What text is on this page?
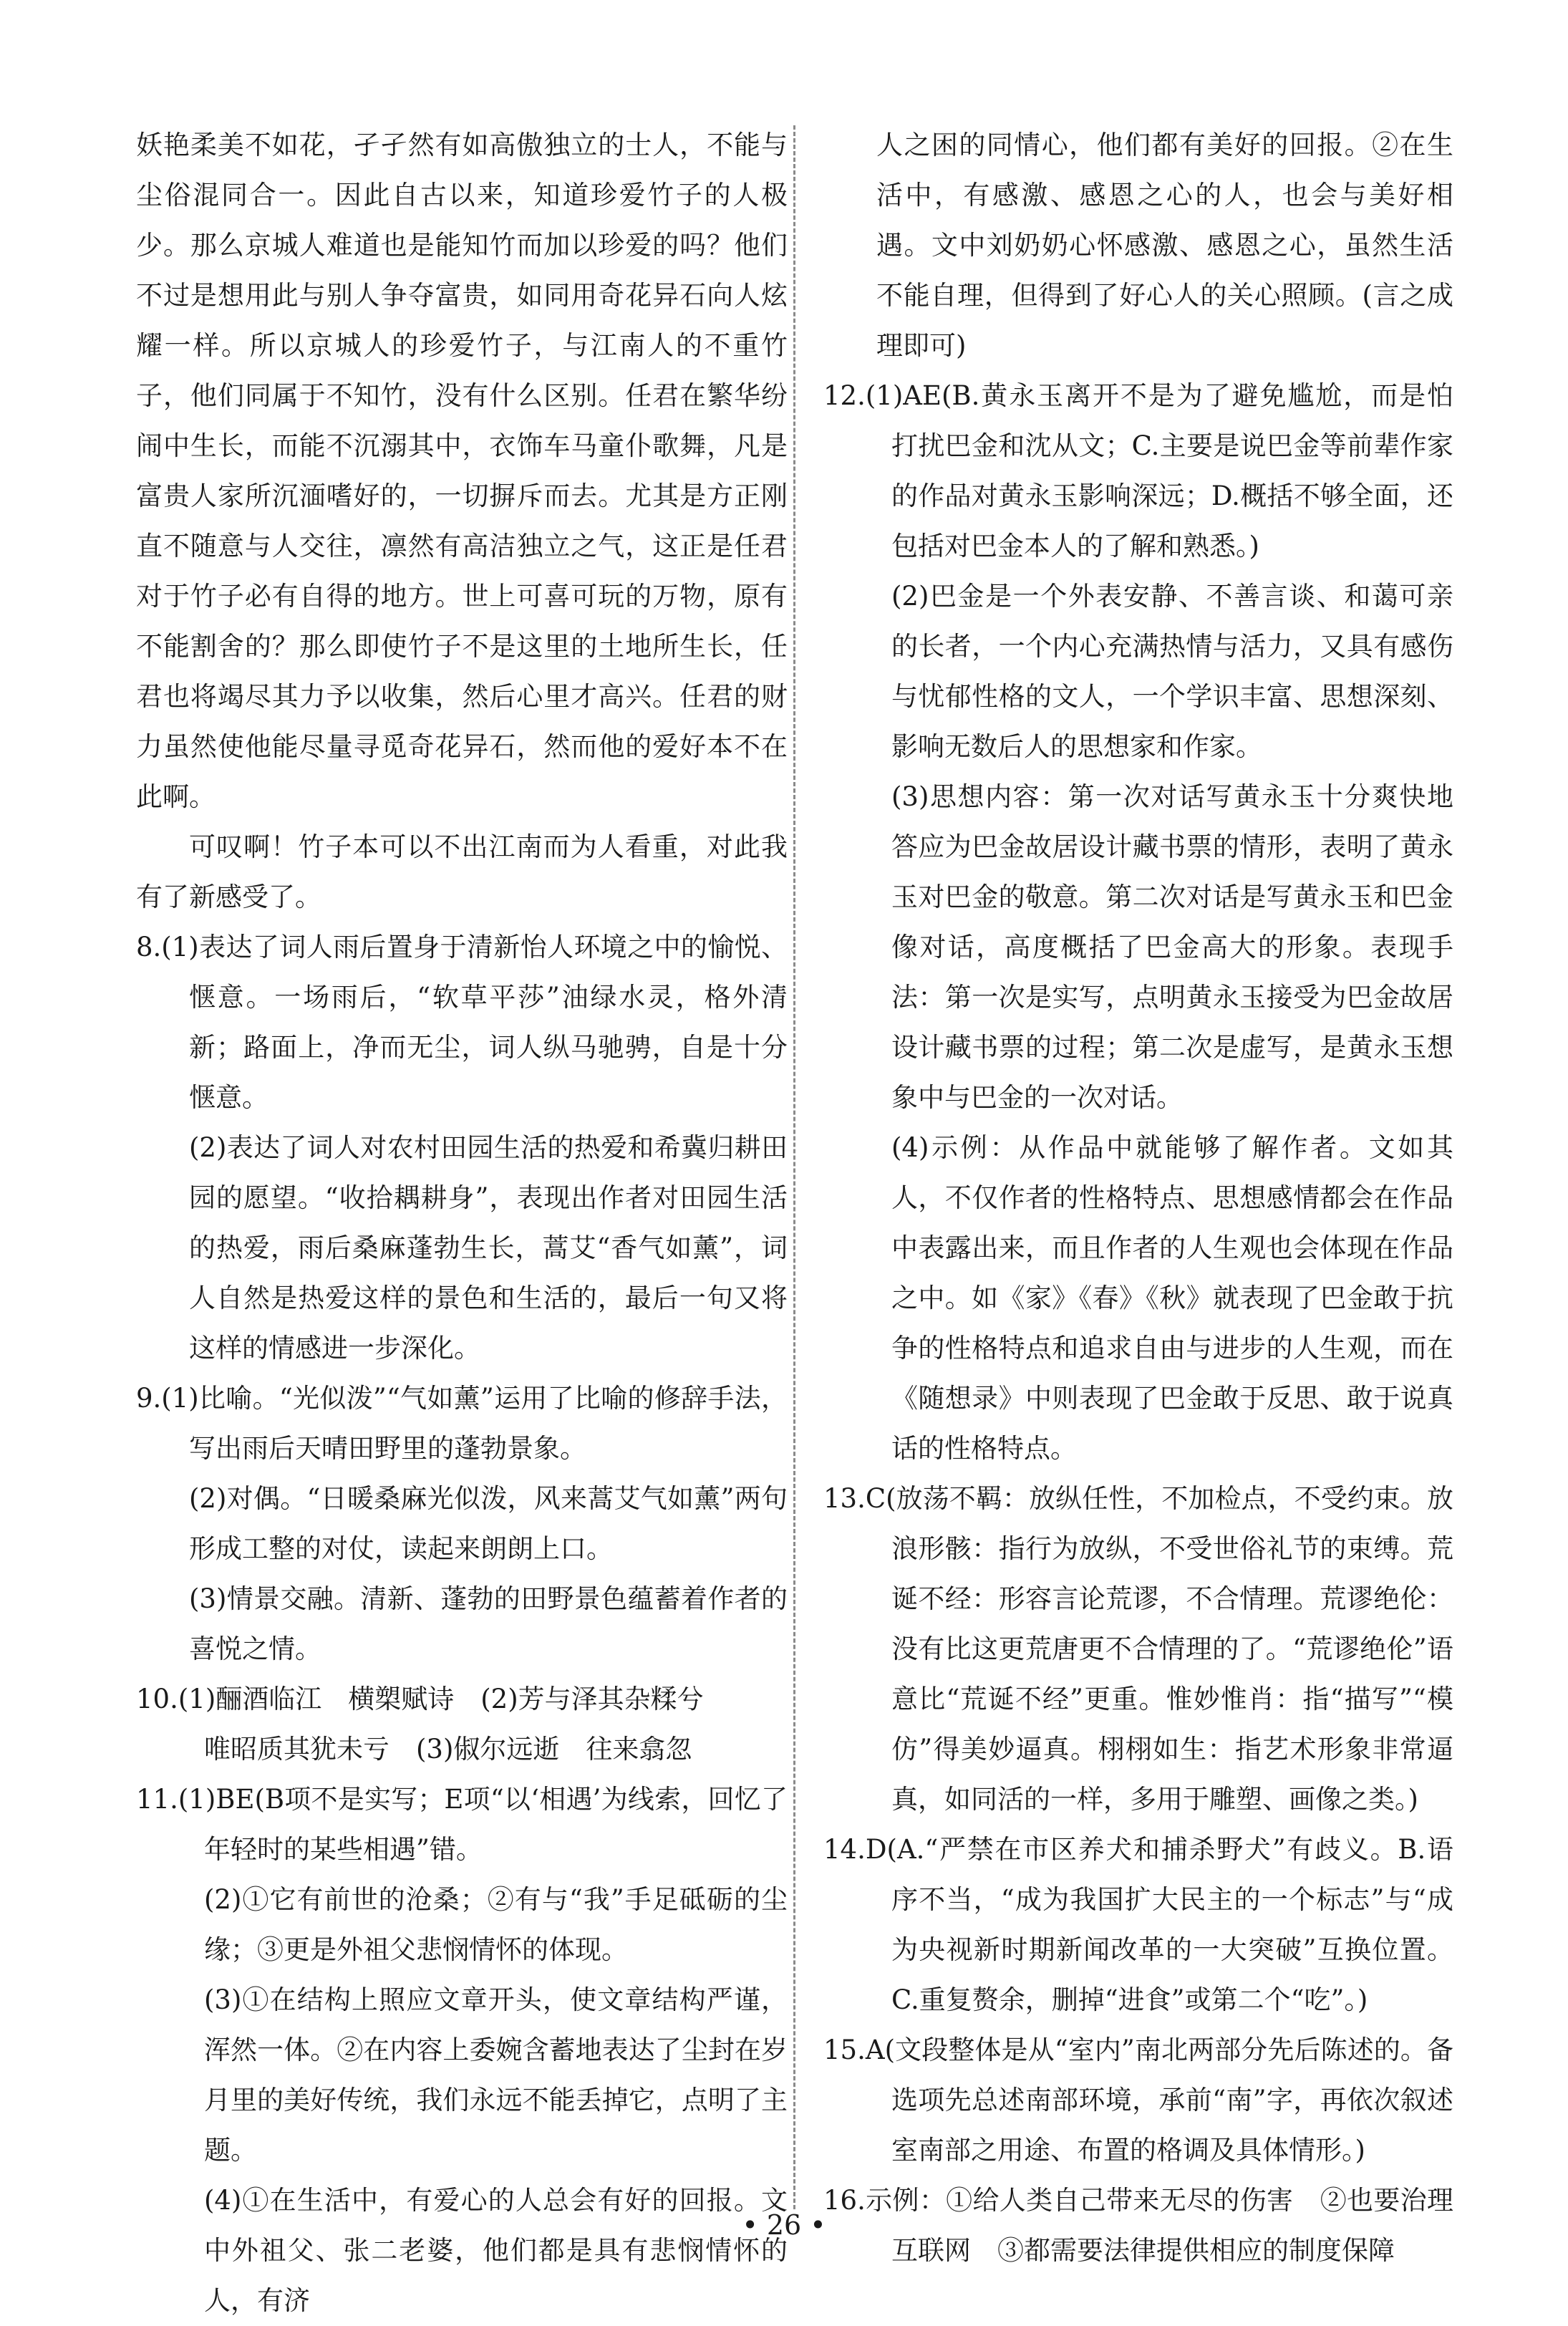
妖艳柔美不如花，孑孑然有如高傲独立的士人，不能与尘俗混同合一。因此自古以来，知道珍爱竹子的人极少。那么京城人难道也是能知竹而加以珍爱的吗？他们不过是想用此与别人争夺富贵，如同用奇花异石向人炫耀一样。所以京城人的珍爱竹子，与江南人的不重竹子，他们同属于不知竹，没有什么区别。任君在繁华纷闹中生长，而能不沉溺其中，衣饰车马童仆歌舞，凡是富贵人家所沉湎嗜好的，一切摒斥而去。尤其是方正刚直不随意与人交往，凛然有高洁独立之气，这正是任君对于竹子必有自得的地方。世上可喜可玩的万物，原有不能割舍的？那么即使竹子不是这里的土地所生长，任君也将竭尽其力予以收集，然后心里才高兴。任君的财力虽然使他能尽量寻觅奇花异石，然而他的爱好本不在此啊。

可叹啊！竹子本可以不出江南而为人看重，对此我有了新感受了。

8.(1)表达了词人雨后置身于清新怡人环境之中的愉悦、惬意。一场雨后，“软草平莎”油绿水灵，格外清新；路面上，净而无尘，词人纵马驰骋，自是十分惬意。

(2)表达了词人对农村田园生活的热爱和希冀归耕田园的愿望。“收拾耦耕身”，表现出作者对田园生活的热爱，雨后桑麻蓬勃生长，蒿艾“香气如薰”，词人自然是热爱这样的景色和生活的，最后一句又将这样的情感进一步深化。

9.(1)比喻。“光似泼”“气如薰”运用了比喻的修辞手法，写出雨后天晴田野里的蓬勃景象。

(2)对偶。“日暖桑麻光似泼，风来蒿艾气如薰”两句形成工整的对仗，读起来朗朗上口。

(3)情景交融。清新、蓬勃的田野景色蕴蓄着作者的喜悦之情。

10.(1)酾酒临江　横槊赋诗　(2)芳与泽其杂糅兮

唯昭质其犹未亏　(3)俶尔远逝　往来翕忽

11.(1)BE(B项不是实写；E项“以‘相遇’为线索，回忆了年轻时的某些相遇”错。

(2)①它有前世的沧桑；②有与“我”手足砥砺的尘缘；③更是外祖父悲悯情怀的体现。

(3)①在结构上照应文章开头，使文章结构严谨，浑然一体。②在内容上委婉含蓄地表达了尘封在岁月里的美好传统，我们永远不能丢掉它，点明了主题。

(4)①在生活中，有爱心的人总会有好的回报。文中外祖父、张二老婆，他们都是具有悲悯情怀的人，有济

人之困的同情心，他们都有美好的回报。②在生活中，有感激、感恩之心的人，也会与美好相遇。文中刘奶奶心怀感激、感恩之心，虽然生活不能自理，但得到了好心人的关心照顾。(言之成理即可)

12.(1)AE(B.黄永玉离开不是为了避免尴尬，而是怕打扰巴金和沈从文；C.主要是说巴金等前辈作家的作品对黄永玉影响深远；D.概括不够全面，还包括对巴金本人的了解和熟悉。)

(2)巴金是一个外表安静、不善言谈、和蔼可亲的长者，一个内心充满热情与活力，又具有感伤与忧郁性格的文人，一个学识丰富、思想深刻、影响无数后人的思想家和作家。

(3)思想内容：第一次对话写黄永玉十分爽快地答应为巴金故居设计藏书票的情形，表明了黄永玉对巴金的敬意。第二次对话是写黄永玉和巴金像对话，高度概括了巴金高大的形象。表现手法：第一次是实写，点明黄永玉接受为巴金故居设计藏书票的过程；第二次是虚写，是黄永玉想象中与巴金的一次对话。

(4)示例：从作品中就能够了解作者。文如其人，不仅作者的性格特点、思想感情都会在作品中表露出来，而且作者的人生观也会体现在作品之中。如《家》《春》《秋》就表现了巴金敢于抗争的性格特点和追求自由与进步的人生观，而在《随想录》中则表现了巴金敢于反思、敢于说真话的性格特点。

13.C(放荡不羁：放纵任性，不加检点，不受约束。放浪形骸：指行为放纵，不受世俗礼节的束缚。荒诞不经：形容言论荒谬，不合情理。荒谬绝伦：没有比这更荒唐更不合情理的了。“荒谬绝伦”语意比“荒诞不经”更重。惟妙惟肖：指“描写”“模仿”得美妙逼真。栩栩如生：指艺术形象非常逼真，如同活的一样，多用于雕塑、画像之类。)

14.D(A.“严禁在市区养犬和捕杀野犬”有歧义。B.语序不当，“成为我国扩大民主的一个标志”与“成为央视新时期新闻改革的一大突破”互换位置。C.重复赘余，删掉“进食”或第二个“吃”。)

15.A(文段整体是从“室内”南北两部分先后陈述的。备选项先总述南部环境，承前“南”字，再依次叙述室南部之用途、布置的格调及具体情形。)

16.示例：①给人类自己带来无尽的伤害　②也要治理互联网　③都需要法律提供相应的制度保障

• 26 •
